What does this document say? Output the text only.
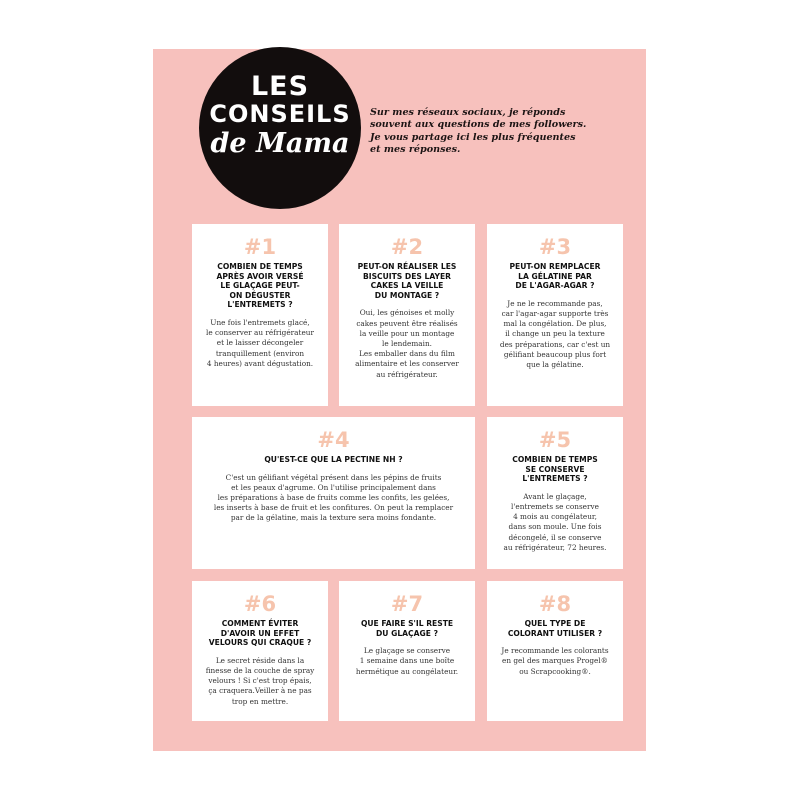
LES
CONSEILS
de Mama
Sur mes réseaux sociaux, je réponds
souvent aux questions de mes followers.
Je vous partage ici les plus fréquentes
et mes réponses.
#1
COMBIEN DE TEMPS
APRÈS AVOIR VERSÉ
LE GLAÇAGE PEUT-
ON DÉGUSTER
L'ENTREMETS ?
Une fois l'entremets glacé,
le conserver au réfrigérateur
et le laisser décongeler
tranquillement (environ
4 heures) avant dégustation.
#2
PEUT-ON RÉALISER LES
BISCUITS DES LAYER
CAKES LA VEILLE
DU MONTAGE ?
Oui, les génoises et molly
cakes peuvent être réalisés
la veille pour un montage
le lendemain.
Les emballer dans du film
alimentaire et les conserver
au réfrigérateur.
#3
PEUT-ON REMPLACER
LA GÉLATINE PAR
DE L'AGAR-AGAR ?
Je ne le recommande pas,
car l'agar-agar supporte très
mal la congélation. De plus,
il change un peu la texture
des préparations, car c'est un
gélifiant beaucoup plus fort
que la gélatine.
#4
QU'EST-CE QUE LA PECTINE NH ?
C'est un gélifiant végétal présent dans les pépins de fruits
et les peaux d'agrume. On l'utilise principalement dans
les préparations à base de fruits comme les confits, les gelées,
les inserts à base de fruit et les confitures. On peut la remplacer
par de la gélatine, mais la texture sera moins fondante.
#5
COMBIEN DE TEMPS
SE CONSERVE
L'ENTREMETS ?
Avant le glaçage,
l'entremets se conserve
4 mois au congélateur,
dans son moule. Une fois
décongelé, il se conserve
au réfrigérateur, 72 heures.
#6
COMMENT ÉVITER
D'AVOIR UN EFFET
VELOURS QUI CRAQUE ?
Le secret réside dans la
finesse de la couche de spray
velours ! Si c'est trop épais,
ça craquera.Veiller à ne pas
trop en mettre.
#7
QUE FAIRE S'IL RESTE
DU GLAÇAGE ?
Le glaçage se conserve
1 semaine dans une boîte
hermétique au congélateur.
#8
QUEL TYPE DE
COLORANT UTILISER ?
Je recommande les colorants
en gel des marques Progel®
ou Scrapcooking®.
